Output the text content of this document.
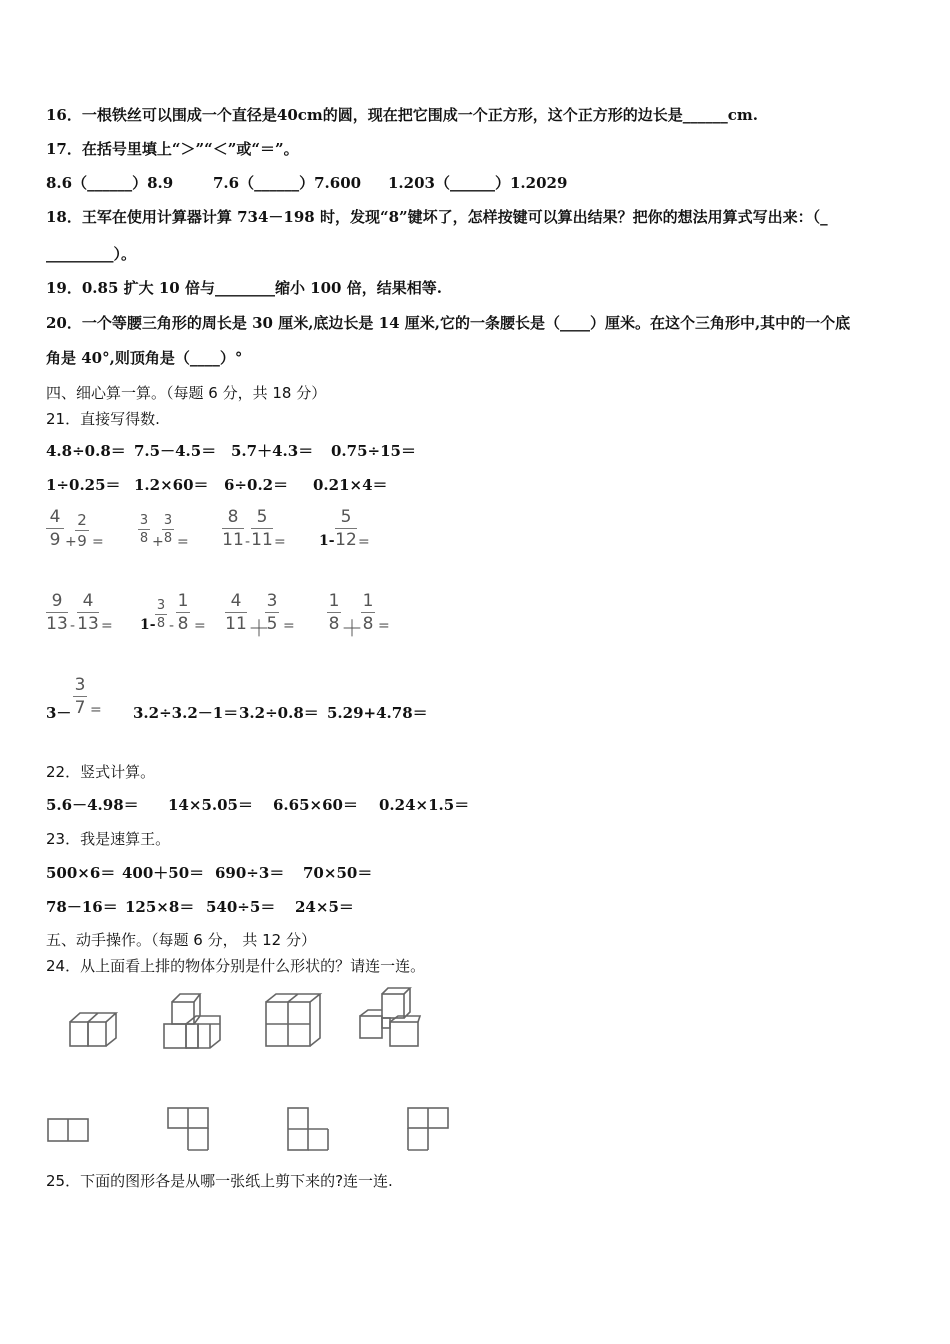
16．一根铁丝可以围成一个直径是40cm的圆，现在把它围成一个正方形，这个正方形的边长是______cm.
17．在括号里填上“＞”“＜”或“＝”。
8.6（______）8.9	7.6（______）7.600 1.203（______）1.2029
18．王军在使用计算器计算 734－198 时，发现“8”键坏了，怎样按键可以算出结果？把你的想法用算式写出来：（_
_________）。
19．0.85 扩大 10 倍与________缩小 100 倍，结果相等.
20．一个等腰三角形的周长是 30 厘米,底边长是 14 厘米,它的一条腰长是（____）厘米。在这个三角形中,其中的一个底
角是 40°,则顶角是（____）°
四、细心算一算。（每题 6 分，共 18 分）
21．直接写得数.
4.8÷0.8＝ 7.5－4.5＝ 5.7＋4.3＝ 0.75÷15＝
1÷0.25＝ 1.2×60＝ 6÷0.2＝ 0.21×4＝
4
9 +
2
9 =
3
8 +
3
8 =
8
11 -
5
11 = 1-
5
12 =
9
13 -
4
13 = 1-
3
8 -
1
8 =
4
11 ＋
3
5 =
1
8 ＋
1
8 =
3－
3
7 = 3.2÷3.2－1＝ 3.2÷0.8＝ 5.29+4.78＝
22．竖式计算。
5.6－4.98＝ 14×5.05＝ 6.65×60＝ 0.24×1.5＝
23．我是速算王。
500×6＝ 400＋50＝ 690÷3＝ 70×50＝
78－16＝ 125×8＝ 540÷5＝ 24×5＝
五、动手操作。（每题 6 分， 共 12 分）
24．从上面看上排的物体分别是什么形状的？请连一连。
25．下面的图形各是从哪一张纸上剪下来的?连一连.
